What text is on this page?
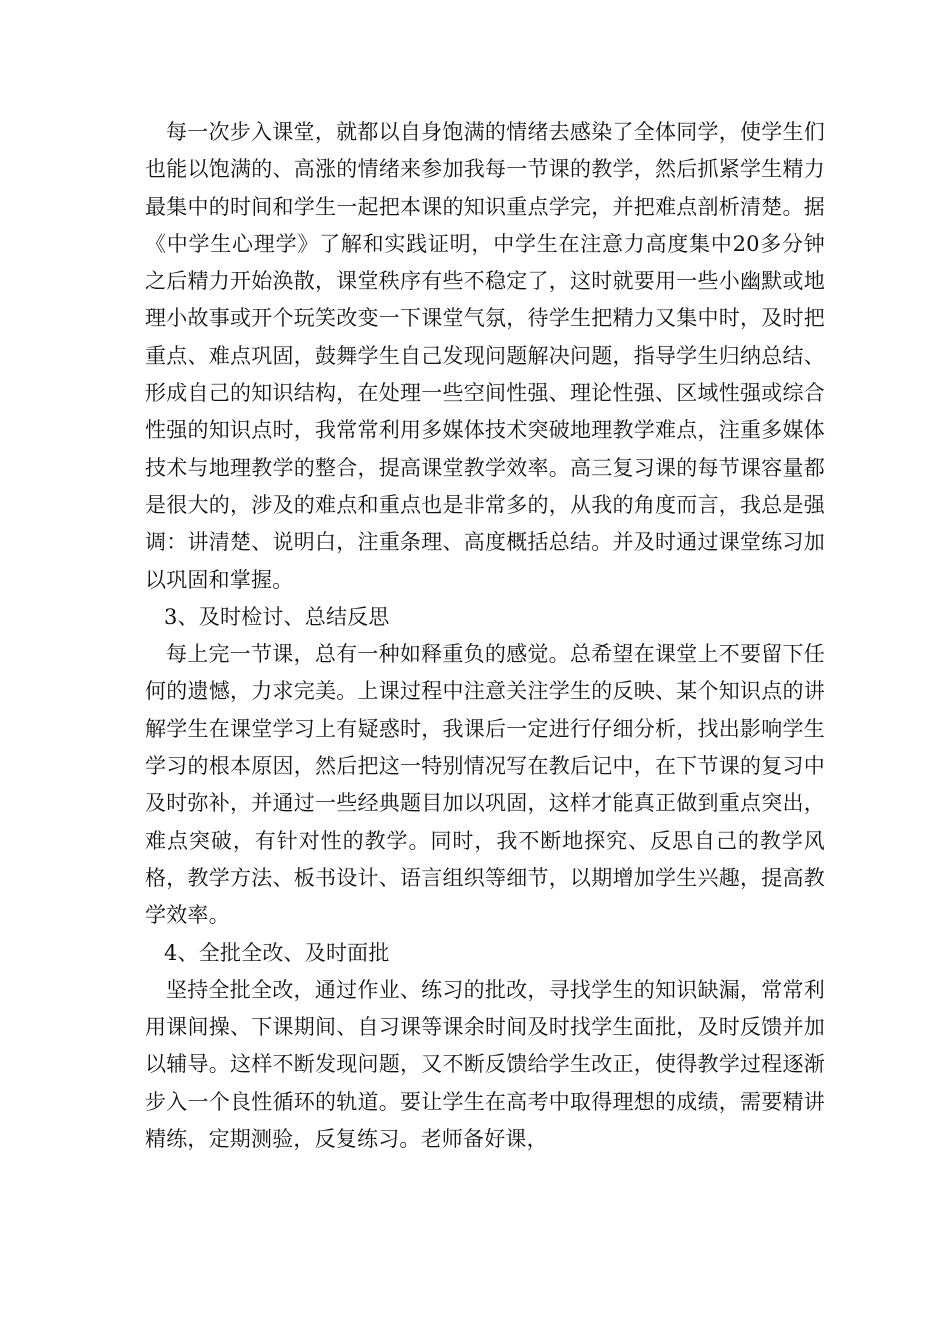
每一次步入课堂，就都以自身饱满的情绪去感染了全体同学，使学生们也能以饱满的、高涨的情绪来参加我每一节课的教学，然后抓紧学生精力最集中的时间和学生一起把本课的知识重点学完，并把难点剖析清楚。据《中学生心理学》了解和实践证明，中学生在注意力高度集中20多分钟之后精力开始涣散，课堂秩序有些不稳定了，这时就要用一些小幽默或地理小故事或开个玩笑改变一下课堂气氛，待学生把精力又集中时，及时把重点、难点巩固，鼓舞学生自己发现问题解决问题，指导学生归纳总结、形成自己的知识结构，在处理一些空间性强、理论性强、区域性强或综合性强的知识点时，我常常利用多媒体技术突破地理教学难点，注重多媒体技术与地理教学的整合，提高课堂教学效率。高三复习课的每节课容量都是很大的，涉及的难点和重点也是非常多的，从我的角度而言，我总是强调：讲清楚、说明白，注重条理、高度概括总结。并及时通过课堂练习加以巩固和掌握。

3、及时检讨、总结反思

每上完一节课，总有一种如释重负的感觉。总希望在课堂上不要留下任何的遗憾，力求完美。上课过程中注意关注学生的反映、某个知识点的讲解学生在课堂学习上有疑惑时，我课后一定进行仔细分析，找出影响学生学习的根本原因，然后把这一特别情况写在教后记中，在下节课的复习中及时弥补，并通过一些经典题目加以巩固，这样才能真正做到重点突出，难点突破，有针对性的教学。同时，我不断地探究、反思自己的教学风格，教学方法、板书设计、语言组织等细节，以期增加学生兴趣，提高教学效率。

4、全批全改、及时面批

坚持全批全改，通过作业、练习的批改，寻找学生的知识缺漏，常常利用课间操、下课期间、自习课等课余时间及时找学生面批，及时反馈并加以辅导。这样不断发现问题，又不断反馈给学生改正，使得教学过程逐渐步入一个良性循环的轨道。要让学生在高考中取得理想的成绩，需要精讲精练，定期测验，反复练习。老师备好课，
